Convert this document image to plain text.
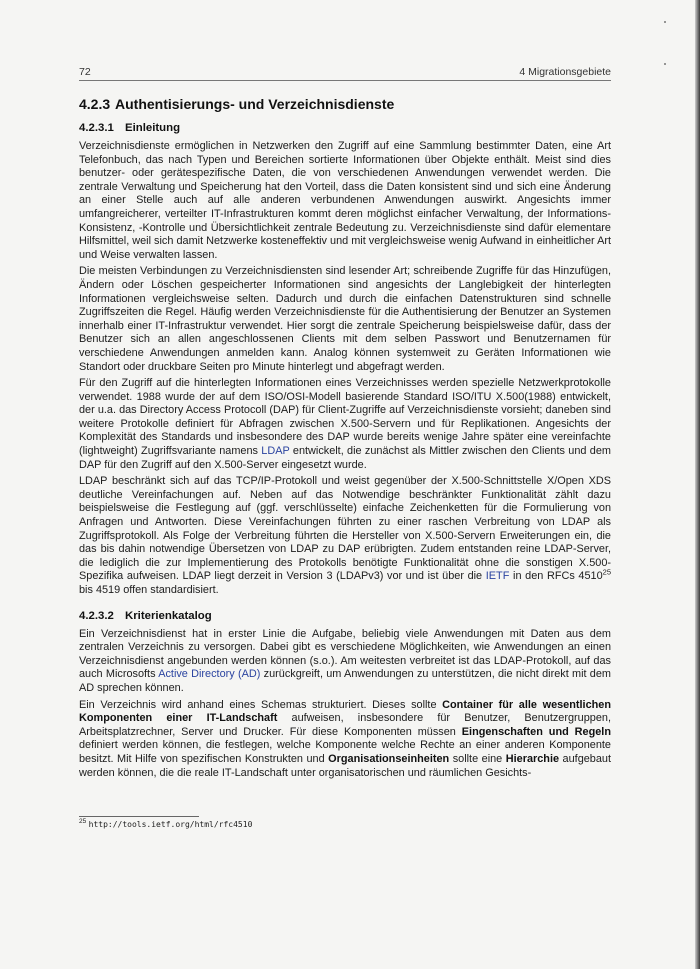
72	4 Migrationsgebiete
4.2.3 Authentisierungs- und Verzeichnisdienste
4.2.3.1 Einleitung

Verzeichnisdienste ermöglichen in Netzwerken den Zugriff auf eine Sammlung bestimmter Daten, eine Art Telefonbuch, das nach Typen und Bereichen sortierte Informationen über Objekte enthält. Meist sind dies benutzer- oder gerätespezifische Daten, die von verschiedenen Anwendungen verwendet werden. Die zentrale Verwaltung und Speicherung hat den Vorteil, dass die Daten konsistent sind und sich eine Änderung an einer Stelle auch auf alle anderen verbundenen Anwendungen auswirkt. Angesichts immer umfangreicherer, verteilter IT-Infrastrukturen kommt deren möglichst einfacher Verwaltung, der Informations-Konsistenz, -Kontrolle und Übersichtlichkeit zentrale Bedeutung zu. Verzeichnisdienste sind dafür elementare Hilfsmittel, weil sich damit Netzwerke kosteneffektiv und mit vergleichsweise wenig Aufwand in einheitlicher Art und Weise verwalten lassen.

Die meisten Verbindungen zu Verzeichnisdiensten sind lesender Art; schreibende Zugriffe für das Hinzufügen, Ändern oder Löschen gespeicherter Informationen sind angesichts der Langlebigkeit der hinterlegten Informationen vergleichsweise selten. Dadurch und durch die einfachen Datenstrukturen sind schnelle Zugriffszeiten die Regel. Häufig werden Verzeichnisdienste für die Authentisierung der Benutzer an Systemen innerhalb einer IT-Infrastruktur verwendet. Hier sorgt die zentrale Speicherung beispielsweise dafür, dass der Benutzer sich an allen angeschlossenen Clients mit dem selben Passwort und Benutzernamen für verschiedene Anwendungen anmelden kann. Analog können systemweit zu Geräten Informationen wie Standort oder druckbare Seiten pro Minute hinterlegt und abgefragt werden.

Für den Zugriff auf die hinterlegten Informationen eines Verzeichnisses werden spezielle Netzwerkprotokolle verwendet. 1988 wurde der auf dem ISO/OSI-Modell basierende Standard ISO/ITU X.500(1988) entwickelt, der u.a. das Directory Access Protocoll (DAP) für Client-Zugriffe auf Verzeichnisdienste vorsieht; daneben sind weitere Protokolle definiert für Abfragen zwischen X.500-Servern und für Replikationen. Angesichts der Komplexität des Standards und insbesondere des DAP wurde bereits wenige Jahre später eine vereinfachte (lightweight) Zugriffsvariante namens LDAP entwickelt, die zunächst als Mittler zwischen den Clients und dem DAP für den Zugriff auf den X.500-Server eingesetzt wurde.

LDAP beschränkt sich auf das TCP/IP-Protokoll und weist gegenüber der X.500-Schnittstelle X/Open XDS deutliche Vereinfachungen auf. Neben auf das Notwendige beschränkter Funktionalität zählt dazu beispielsweise die Festlegung auf (ggf. verschlüsselte) einfache Zeichenketten für die Formulierung von Anfragen und Antworten. Diese Vereinfachungen führten zu einer raschen Verbreitung von LDAP als Zugriffsprotokoll. Als Folge der Verbreitung führten die Hersteller von X.500-Servern Erweiterungen ein, die das bis dahin notwendige Übersetzen von LDAP zu DAP erübrigten. Zudem entstanden reine LDAP-Server, die lediglich die zur Implementierung des Protokolls benötigte Funktionalität ohne die sonstigen X.500-Spezifika aufweisen. LDAP liegt derzeit in Version 3 (LDAPv3) vor und ist über die IETF in den RFCs 4510$^{25}$ bis 4519 offen standardisiert.

4.2.3.2 Kriterienkatalog

Ein Verzeichnisdienst hat in erster Linie die Aufgabe, beliebig viele Anwendungen mit Daten aus dem zentralen Verzeichnis zu versorgen. Dabei gibt es verschiedene Möglichkeiten, wie Anwendungen an einen Verzeichnisdienst angebunden werden können (s.o.). Am weitesten verbreitet ist das LDAP-Protokoll, auf das auch Microsofts Active Directory (AD) zurückgreift, um Anwendungen zu unterstützen, die nicht direkt mit dem AD sprechen können.

Ein Verzeichnis wird anhand eines Schemas strukturiert. Dieses sollte Container für alle wesentlichen Komponenten einer IT-Landschaft aufweisen, insbesondere für Benutzer, Benutzergruppen, Arbeitsplatzrechner, Server und Drucker. Für diese Komponenten müssen Eingenschaften und Regeln definiert werden können, die festlegen, welche Komponente welche Rechte an einer anderen Komponente besitzt. Mit Hilfe von spezifischen Konstrukten und Organisationseinheiten sollte eine Hierarchie aufgebaut werden können, die die reale IT-Landschaft unter organisatorischen und räumlichen Gesichts-

$^{25}$ http://tools.ietf.org/html/rfc4510
